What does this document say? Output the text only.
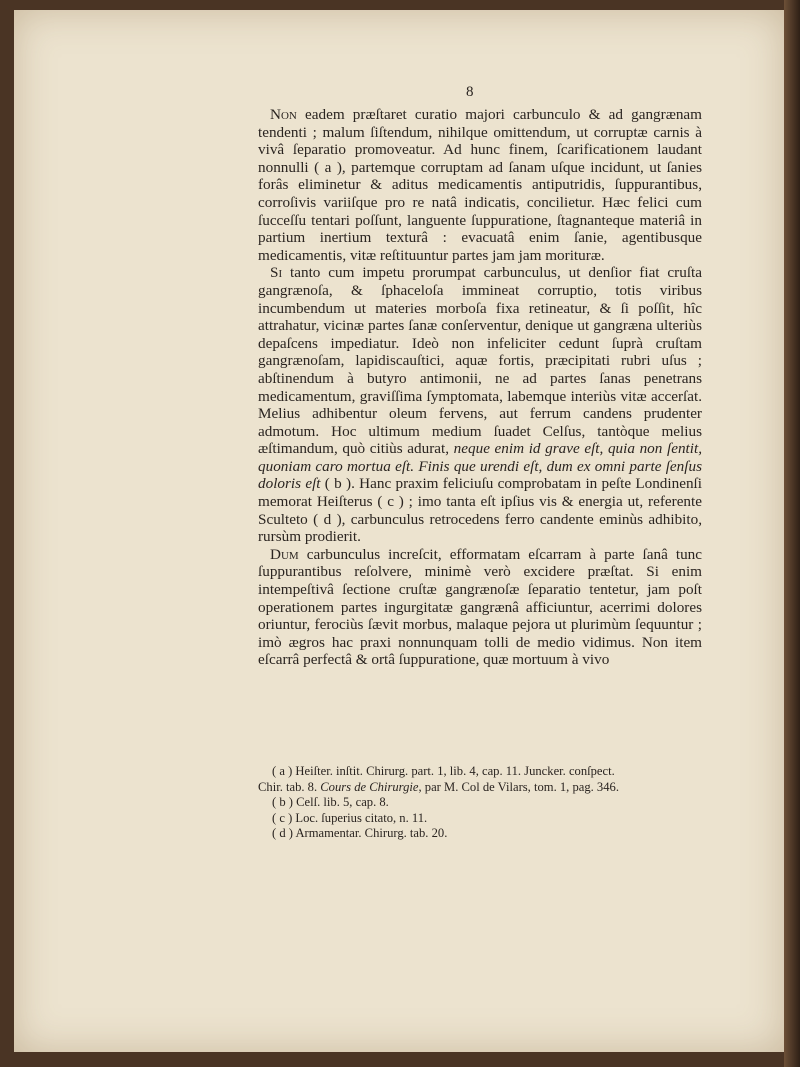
8

Non eadem præſtaret curatio majori carbunculo & ad gangrænam tendenti ; malum ſiſtendum, nihilque omittendum, ut corruptæ carnis à vivâ ſeparatio promoveatur. Ad hunc finem, ſcarificationem laudant nonnulli ( a ), partemque corruptam ad ſanam uſque incidunt, ut ſanies forâs eliminetur & aditus medicamentis antiputridis, ſuppurantibus, corroſivis variiſque pro re natâ indicatis, concilietur. Hæc felici cum ſucceſſu tentari poſſunt, languente ſuppuratione, ſtagnanteque materiâ in partium inertium texturâ : evacuatâ enim ſanie, agentibusque medicamentis, vitæ reſtituuntur partes jam jam morituræ.

Si tanto cum impetu prorumpat carbunculus, ut denſior fiat cruſta gangrænoſa, & ſphaceloſa immineat corruptio, totis viribus incumbendum ut materies morboſa fixa retineatur, & ſi poſſit, hîc attrahatur, vicinæ partes ſanæ conſerventur, denique ut gangræna ulteriùs depaſcens impediatur. Ideò non infeliciter cedunt ſuprà cruſtam gangrænoſam, lapidiscauſtici, aquæ fortis, præcipitati rubri uſus ; abſtinendum à butyro antimonii, ne ad partes ſanas penetrans medicamentum, graviſſima ſymptomata, labemque interiùs vitæ accerſat. Melius adhibentur oleum fervens, aut ferrum candens prudenter admotum. Hoc ultimum medium ſuadet Celſus, tantòque melius æſtimandum, quò citiùs adurat, neque enim id grave eſt, quia non ſentit, quoniam caro mortua eſt. Finis que urendi eſt, dum ex omni parte ſenſus doloris eſt ( b ). Hanc praxim feliciuſu comprobatam in peſte Londinenſi memorat Heiſterus ( c ) ; imo tanta eſt ipſius vis & energia ut, referente Sculteto ( d ), carbunculus retrocedens ferro candente eminùs adhibito, rursùm prodierit.

Dum carbunculus increſcit, efformatam eſcarram à parte ſanâ tunc ſuppurantibus reſolvere, minimè verò excidere præſtat. Si enim intempeſtivâ ſectione cruſtæ gangrænoſæ ſeparatio tentetur, jam poſt operationem partes ingurgitatæ gangrænâ afficiuntur, acerrimi dolores oriuntur, ferociùs ſævit morbus, malaque pejora ut plurimùm ſequuntur ; imò ægros hac praxi nonnunquam tolli de medio vidimus. Non item eſcarrâ perfectâ & ortâ ſuppuratione, quæ mortuum à vivo

( a ) Heiſter. inſtit. Chirurg. part. 1, lib. 4, cap. 11. Juncker. conſpect.
Chir. tab. 8. Cours de Chirurgie, par M. Col de Vilars, tom. 1, pag. 346.
( b ) Celſ. lib. 5, cap. 8.
( c ) Loc. ſuperius citato, n. 11.
( d ) Armamentar. Chirurg. tab. 20.
